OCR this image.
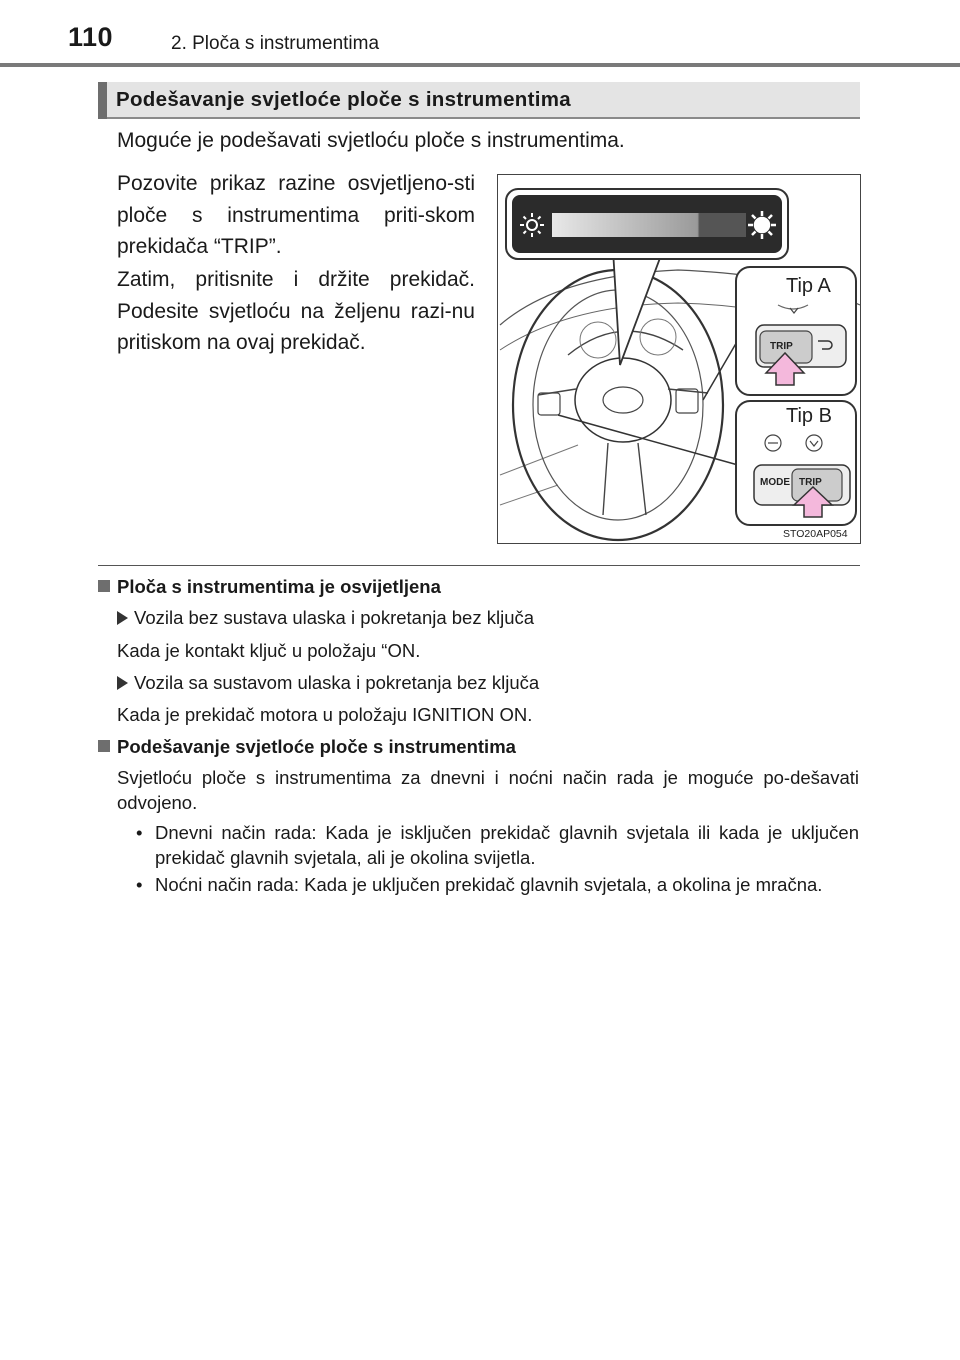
110	2. Ploča s instrumentima
Podešavanje svjetloće ploče s instrumentima
Moguće je podešavati svjetloću ploče s instrumentima.

Pozovite prikaz razine osvjetljeno-sti ploče s instrumentima priti-skom prekidača “TRIP”.

Zatim, pritisnite i držite prekidač. Podesite svjetloću na željenu razi-nu pritiskom na ovaj prekidač.	TRIP
MODE TRIP
Tip A
Tip B
STO20AP054
Ploča s instrumentima je osvijetljena
Vozila bez sustava ulaska i pokretanja bez ključa
Kada je kontakt ključ u položaju “ON.
Vozila sa sustavom ulaska i pokretanja bez ključa
Kada je prekidač motora u položaju IGNITION ON.
Podešavanje svjetloće ploče s instrumentima

Svjetloću ploče s instrumentima za dnevni i noćni način rada je moguće po-dešavati odvojeno.

• Dnevni način rada: Kada je isključen prekidač glavnih svjetala ili kada je uključen prekidač glavnih svjetala, ali je okolina svijetla.

• Noćni način rada: Kada je uključen prekidač glavnih svjetala, a okolina je mračna.
